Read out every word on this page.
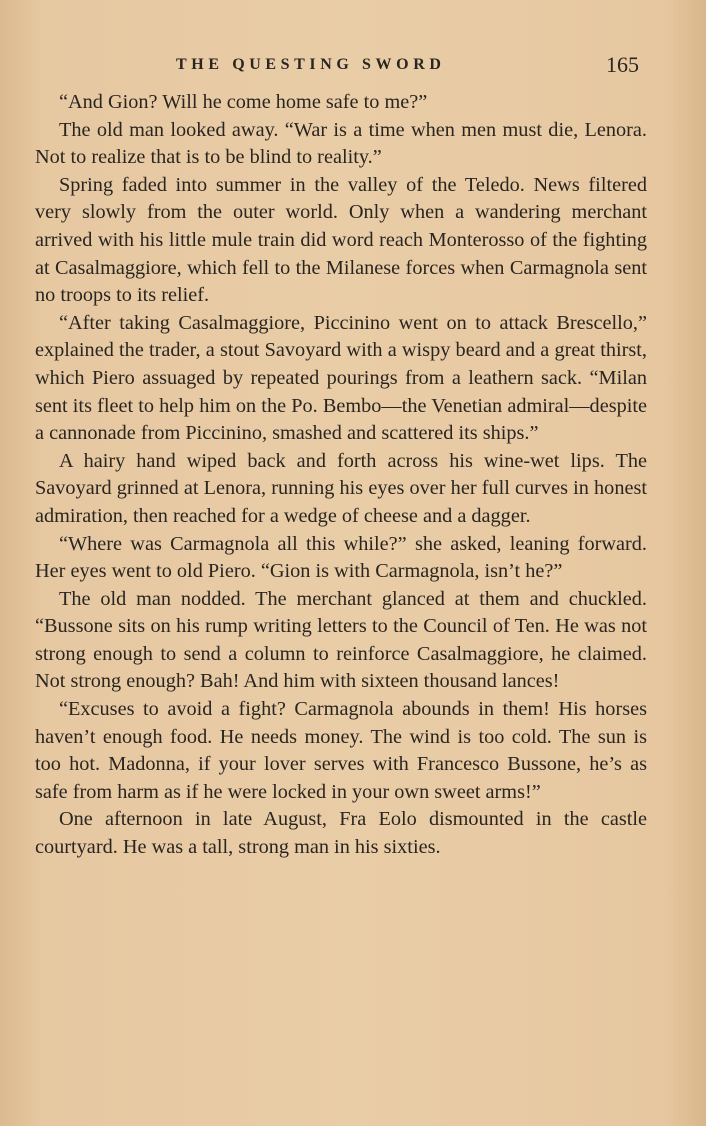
THE QUESTING SWORD	165

“And Gion? Will he come home safe to me?”

The old man looked away. “War is a time when men must die, Lenora. Not to realize that is to be blind to reality.”

Spring faded into summer in the valley of the Teledo. News filtered very slowly from the outer world. Only when a wandering merchant arrived with his little mule train did word reach Monterosso of the fighting at Casalmaggiore, which fell to the Milanese forces when Carmagnola sent no troops to its relief.

“After taking Casalmaggiore, Piccinino went on to attack Brescello,” explained the trader, a stout Savoyard with a wispy beard and a great thirst, which Piero assuaged by repeated pourings from a leathern sack. “Milan sent its fleet to help him on the Po. Bembo—the Venetian admiral—despite a cannonade from Piccinino, smashed and scattered its ships.”

A hairy hand wiped back and forth across his wine-wet lips. The Savoyard grinned at Lenora, running his eyes over her full curves in honest admiration, then reached for a wedge of cheese and a dagger.

“Where was Carmagnola all this while?” she asked, leaning forward. Her eyes went to old Piero. “Gion is with Carmagnola, isn’t he?”

The old man nodded. The merchant glanced at them and chuckled. “Bussone sits on his rump writing letters to the Council of Ten. He was not strong enough to send a column to reinforce Casalmaggiore, he claimed. Not strong enough? Bah! And him with sixteen thousand lances!

“Excuses to avoid a fight? Carmagnola abounds in them! His horses haven’t enough food. He needs money. The wind is too cold. The sun is too hot. Madonna, if your lover serves with Francesco Bussone, he’s as safe from harm as if he were locked in your own sweet arms!”

One afternoon in late August, Fra Eolo dismounted in the castle courtyard. He was a tall, strong man in his sixties.
